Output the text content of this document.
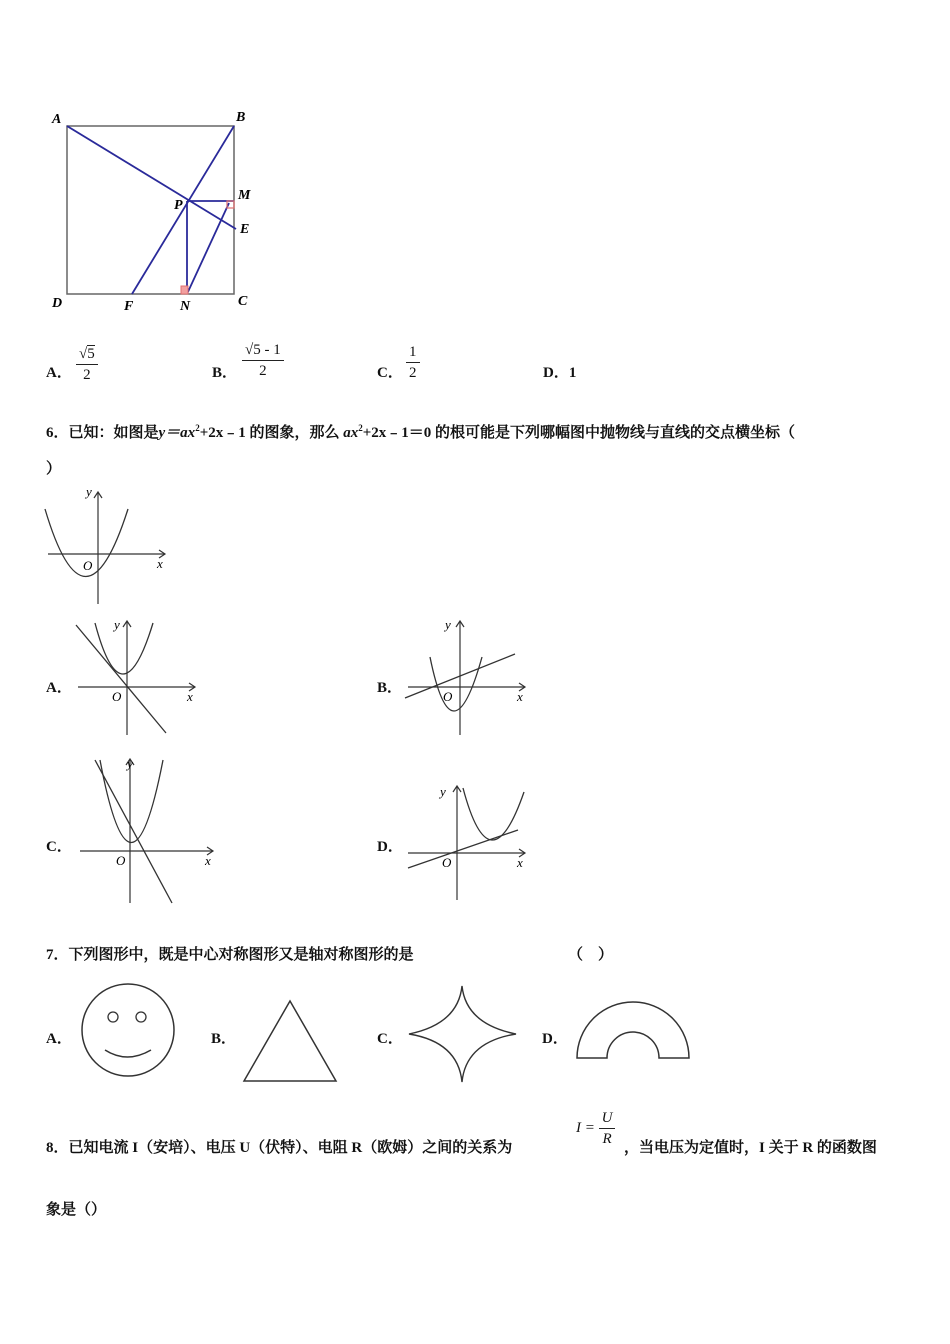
A	B
C
D
E
F
M
N
P
A． $\frac{√5}{2}$	B． $\frac{√5 - 1}{2}$	C． $\frac{1}{2}$	D．1
6．已知：如图是$y=ax^2+2x﹣1$ 的图象，那么 $ax^2+2x﹣1=0$ 的根可能是下列哪幅图中抛物线与直线的交点横坐标（
）
x
y
O
A．
x
y
O
B．
x
y
O
C．
x
y
O
D．
x
y
O
7．下列图形中，既是中心对称图形又是轴对称图形的是	（　）
A．	B．	C．	D．
8．已知电流 I（安培）、电压 U（伏特）、电阻 R（欧姆）之间的关系为
$I = \frac{U}{R}$ ，当电压为定值时，I 关于 R 的函数图
象是（）
